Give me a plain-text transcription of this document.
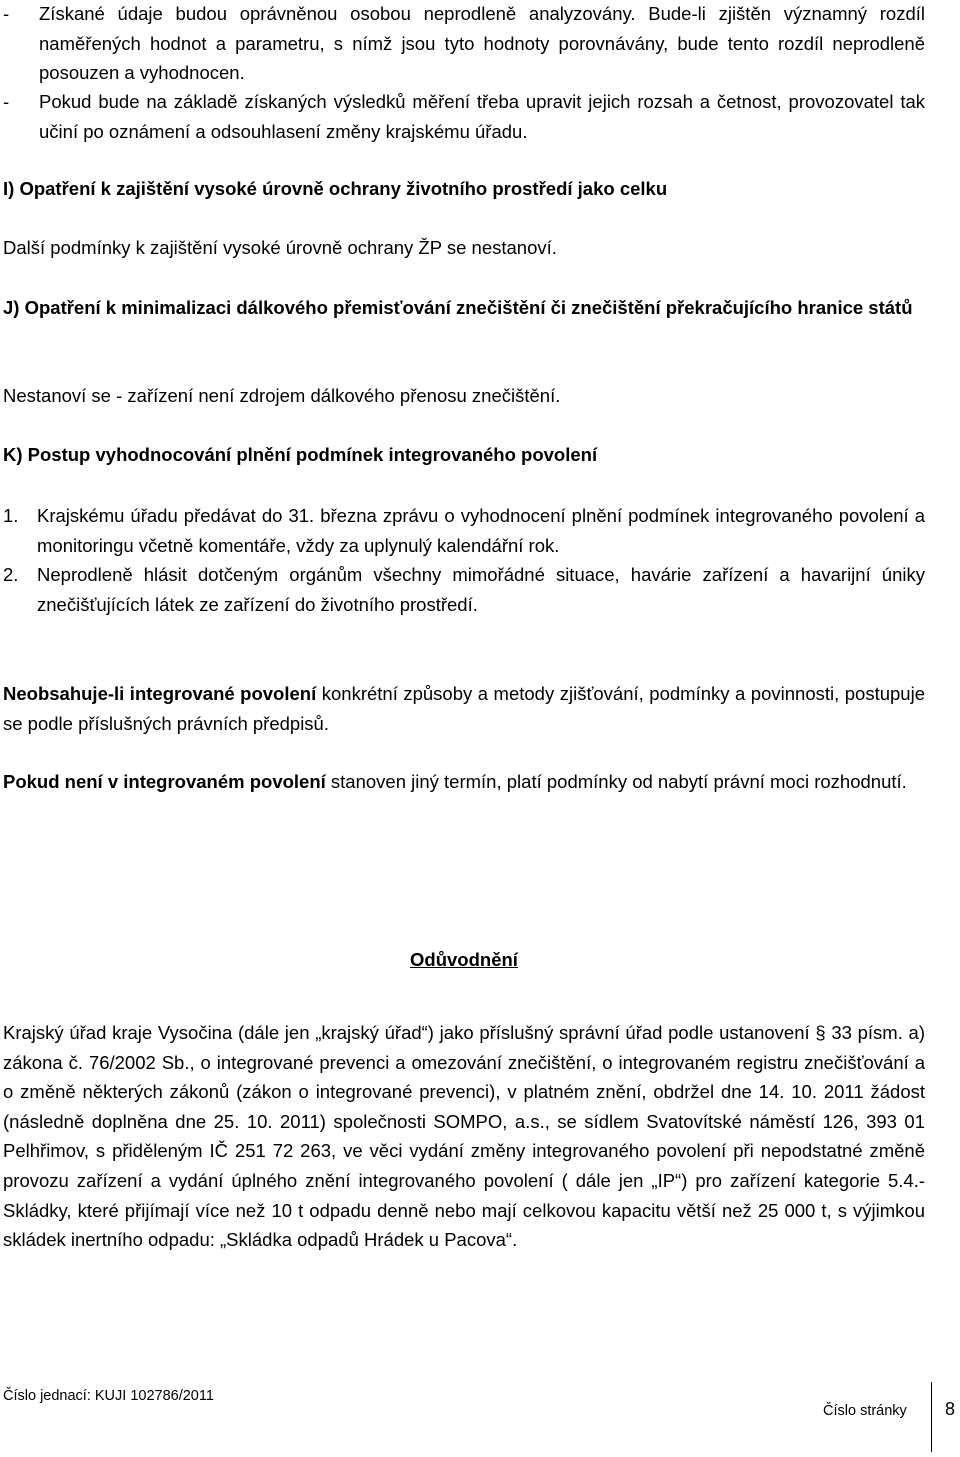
-	Získané údaje budou oprávněnou osobou neprodleně analyzovány. Bude-li zjištěn významný rozdíl naměřených hodnot a parametru, s nímž jsou tyto hodnoty porovnávány, bude tento rozdíl neprodleně posouzen a vyhodnocen.
-	Pokud bude na základě získaných výsledků měření třeba upravit jejich rozsah a četnost, provozovatel tak učiní po oznámení a odsouhlasení změny krajskému úřadu.

I) Opatření k zajištění vysoké úrovně ochrany životního prostředí jako celku

Další podmínky k zajištění vysoké úrovně ochrany ŽP se nestanoví.

J) Opatření k minimalizaci dálkového přemisťování znečištění či znečištění překračujícího hranice států

Nestanoví se - zařízení není zdrojem dálkového přenosu znečištění.

K) Postup vyhodnocování plnění podmínek integrovaného povolení

1.	Krajskému úřadu předávat do 31. března zprávu o vyhodnocení plnění podmínek integrovaného povolení a monitoringu včetně komentáře, vždy za uplynulý kalendářní rok.
2.	Neprodleně hlásit dotčeným orgánům všechny mimořádné situace, havárie zařízení a havarijní úniky znečišťujících látek ze zařízení do životního prostředí.

Neobsahuje-li integrované povolení konkrétní způsoby a metody zjišťování, podmínky a povinnosti, postupuje se podle příslušných právních předpisů.

Pokud není v integrovaném povolení stanoven jiný termín, platí podmínky od nabytí právní moci rozhodnutí.

Odůvodnění

Krajský úřad kraje Vysočina (dále jen „krajský úřad“) jako příslušný správní úřad podle ustanovení § 33 písm. a) zákona č. 76/2002 Sb., o integrované prevenci a omezování znečištění, o integrovaném registru znečišťování a o změně některých zákonů (zákon o integrované prevenci), v platném znění, obdržel dne 14. 10. 2011 žádost (následně doplněna dne 25. 10. 2011) společnosti SOMPO, a.s., se sídlem Svatovítské náměstí 126, 393 01 Pelhřimov, s přiděleným IČ 251 72 263, ve věci vydání změny integrovaného povolení při nepodstatné změně provozu zařízení a vydání úplného znění integrovaného povolení ( dále jen „IP“) pro zařízení kategorie 5.4.- Skládky, které přijímají více než 10 t odpadu denně nebo mají celkovou kapacitu větší než 25 000 t, s výjimkou skládek inertního odpadu: „Skládka odpadů Hrádek u Pacova“.

Číslo jednací: KUJI 102786/2011
Číslo stránky 8
